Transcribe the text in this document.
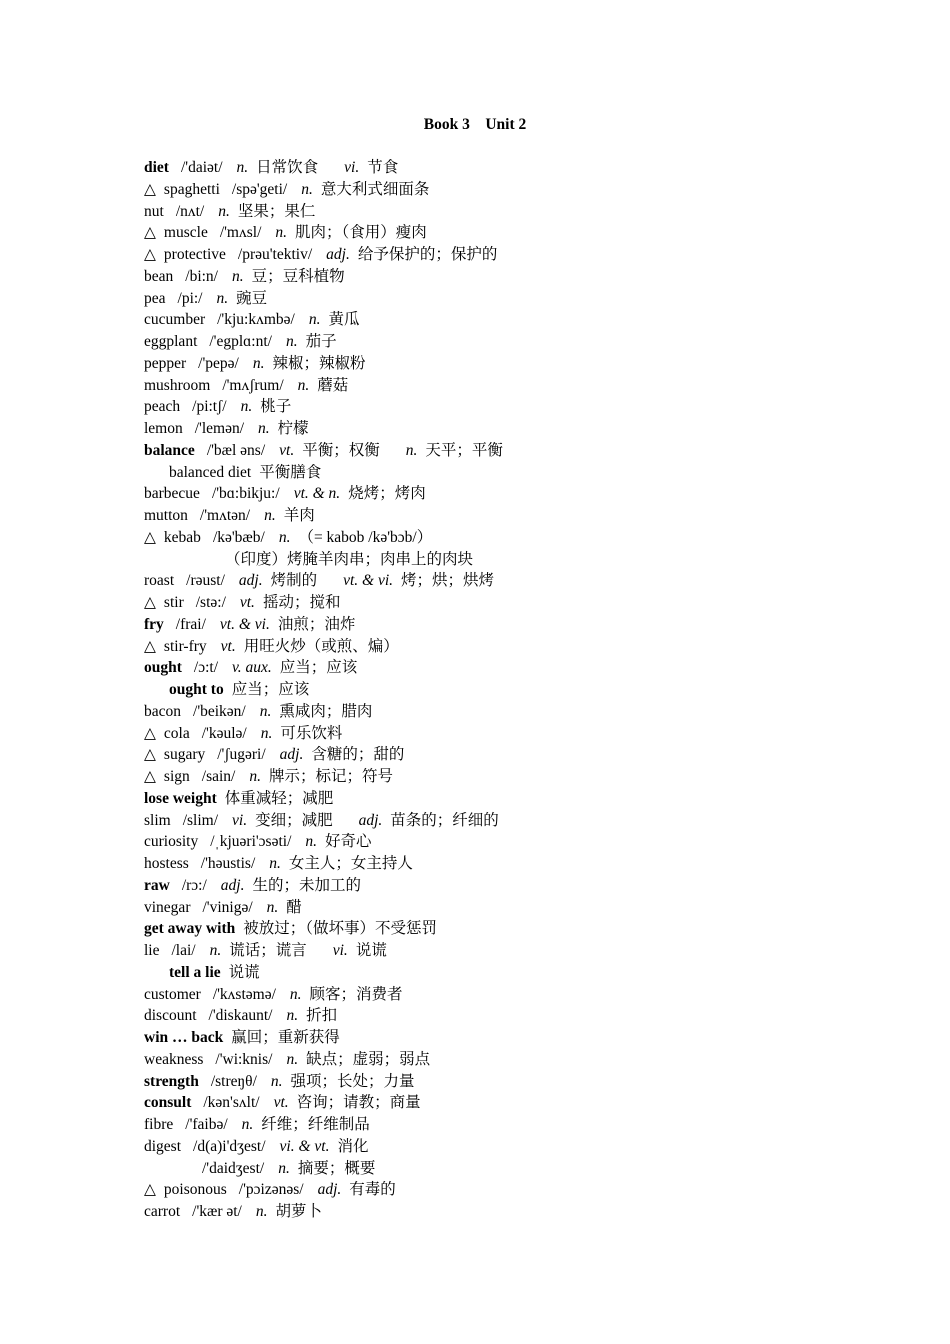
Book 3    Unit 2
diet /'daiət/ n. 日常饮食 vi. 节食
△ spaghetti /spə'geti/ n. 意大利式细面条
nut /nʌt/ n. 坚果；果仁
△ muscle /'mʌsl/ n. 肌肉；（食用）瘦肉
△ protective /prəu'tektiv/ adj. 给予保护的；保护的
bean /bi:n/ n. 豆；豆科植物
pea /pi:/ n. 豌豆
cucumber /'kju:kʌmbə/ n. 黄瓜
eggplant /'egplɑ:nt/ n. 茄子
pepper /'pepə/ n. 辣椒；辣椒粉
mushroom /'mʌʃrum/ n. 蘑菇
peach /pi:tʃ/ n. 桃子
lemon /'lemən/ n. 柠檬
balance /'bæl əns/ vt. 平衡；权衡 n. 天平；平衡
balanced diet 平衡膳食
barbecue /'bɑ:bikju:/ vt. & n. 烧烤；烤肉
mutton /'mʌtən/ n. 羊肉
△ kebab /kə'bæb/ n. （= kabob /kə'bɔb/）
（印度）烤腌羊肉串；肉串上的肉块
roast /rəust/ adj. 烤制的 vt. & vi. 烤；烘；烘烤
△ stir /stə:/ vt. 摇动；搅和
fry /frai/ vt. & vi. 油煎；油炸
△ stir-fry vt. 用旺火炒（或煎、煸）
ought /ɔ:t/ v. aux. 应当；应该
ought to 应当；应该
bacon /'beikən/ n. 熏咸肉；腊肉
△ cola /'kəulə/ n. 可乐饮料
△ sugary /'ʃugəri/ adj. 含糖的；甜的
△ sign /sain/ n. 牌示；标记；符号
lose weight 体重减轻；减肥
slim /slim/ vi. 变细；减肥 adj. 苗条的；纤细的
curiosity /ˌkjuəri'ɔsəti/ n. 好奇心
hostess /'həustis/ n. 女主人；女主持人
raw /rɔ:/ adj. 生的；未加工的
vinegar /'vinigə/ n. 醋
get away with 被放过；（做坏事）不受惩罚
lie /lai/ n. 谎话；谎言 vi. 说谎
tell a lie 说谎
customer /'kʌstəmə/ n. 顾客；消费者
discount /'diskaunt/ n. 折扣
win … back 赢回；重新获得
weakness /'wi:knis/ n. 缺点；虚弱；弱点
strength /streŋθ/ n. 强项；长处；力量
consult /kən'sʌlt/ vt. 咨询；请教；商量
fibre /'faibə/ n. 纤维；纤维制品
digest /d(a)i'dʒest/ vi. & vt. 消化
/'daidʒest/ n. 摘要；概要
△ poisonous /'pɔizənəs/ adj. 有毒的
carrot /'kær ət/ n. 胡萝卜
